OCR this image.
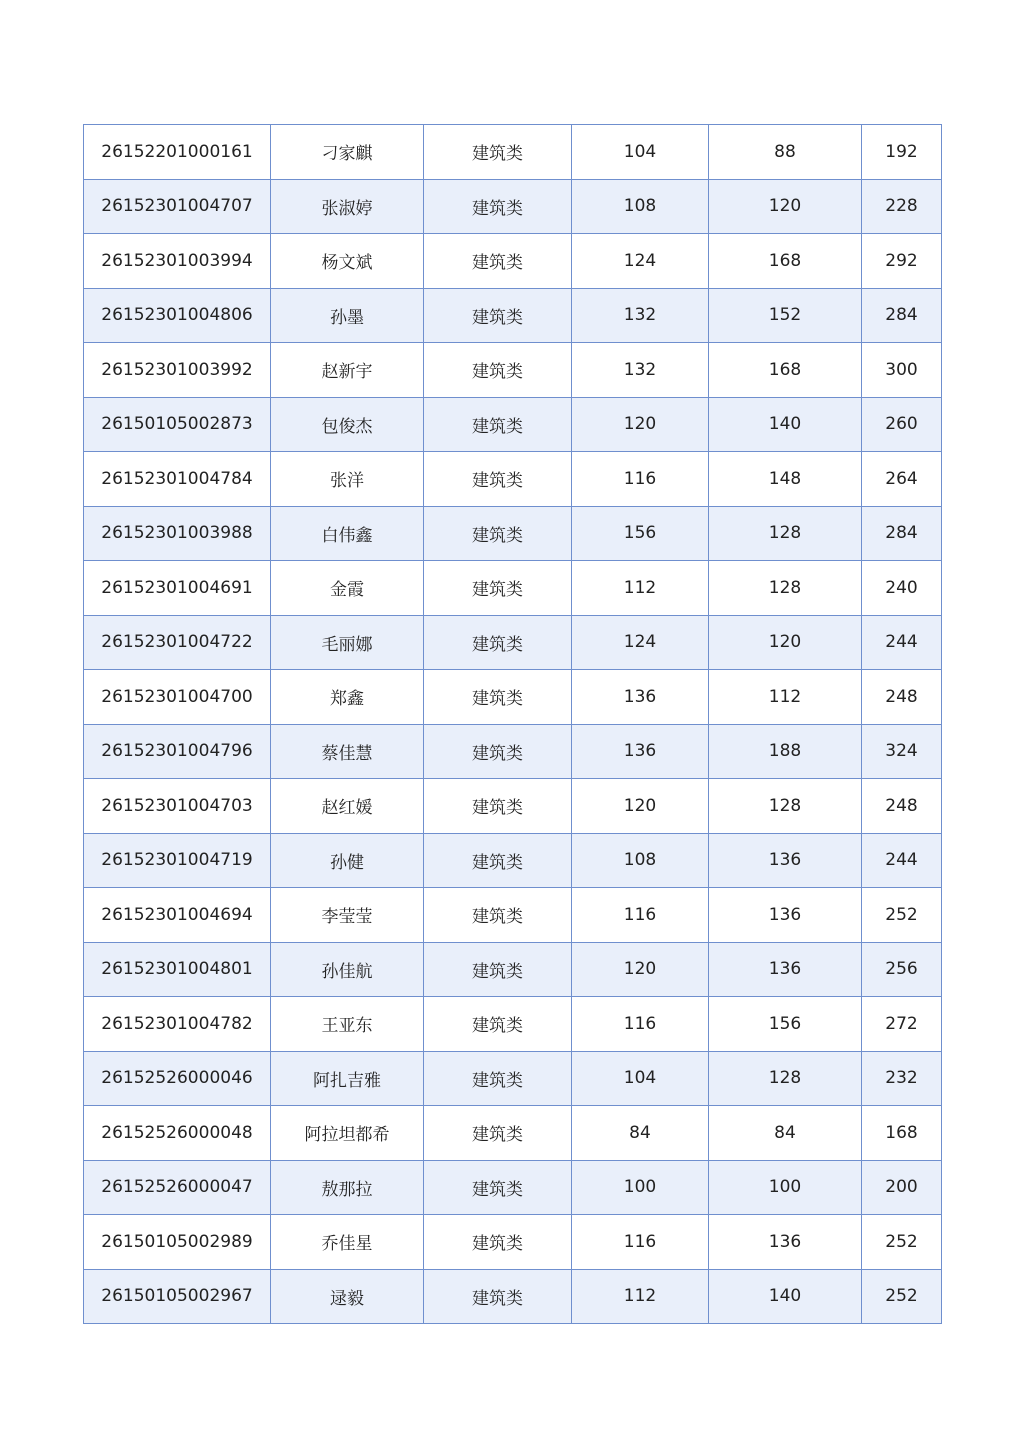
26152201000161	刁家麒	建筑类	104	88	192
26152301004707	张淑婷	建筑类	108	120	228
26152301003994	杨文斌	建筑类	124	168	292
26152301004806	孙墨	建筑类	132	152	284
26152301003992	赵新宇	建筑类	132	168	300
26150105002873	包俊杰	建筑类	120	140	260
26152301004784	张洋	建筑类	116	148	264
26152301003988	白伟鑫	建筑类	156	128	284
26152301004691	金霞	建筑类	112	128	240
26152301004722	毛丽娜	建筑类	124	120	244
26152301004700	郑鑫	建筑类	136	112	248
26152301004796	蔡佳慧	建筑类	136	188	324
26152301004703	赵红媛	建筑类	120	128	248
26152301004719	孙健	建筑类	108	136	244
26152301004694	李莹莹	建筑类	116	136	252
26152301004801	孙佳航	建筑类	120	136	256
26152301004782	王亚东	建筑类	116	156	272
26152526000046	阿扎吉雅	建筑类	104	128	232
26152526000048	阿拉坦都希	建筑类	84	84	168
26152526000047	敖那拉	建筑类	100	100	200
26150105002989	乔佳星	建筑类	116	136	252
26150105002967	逯毅	建筑类	112	140	252
